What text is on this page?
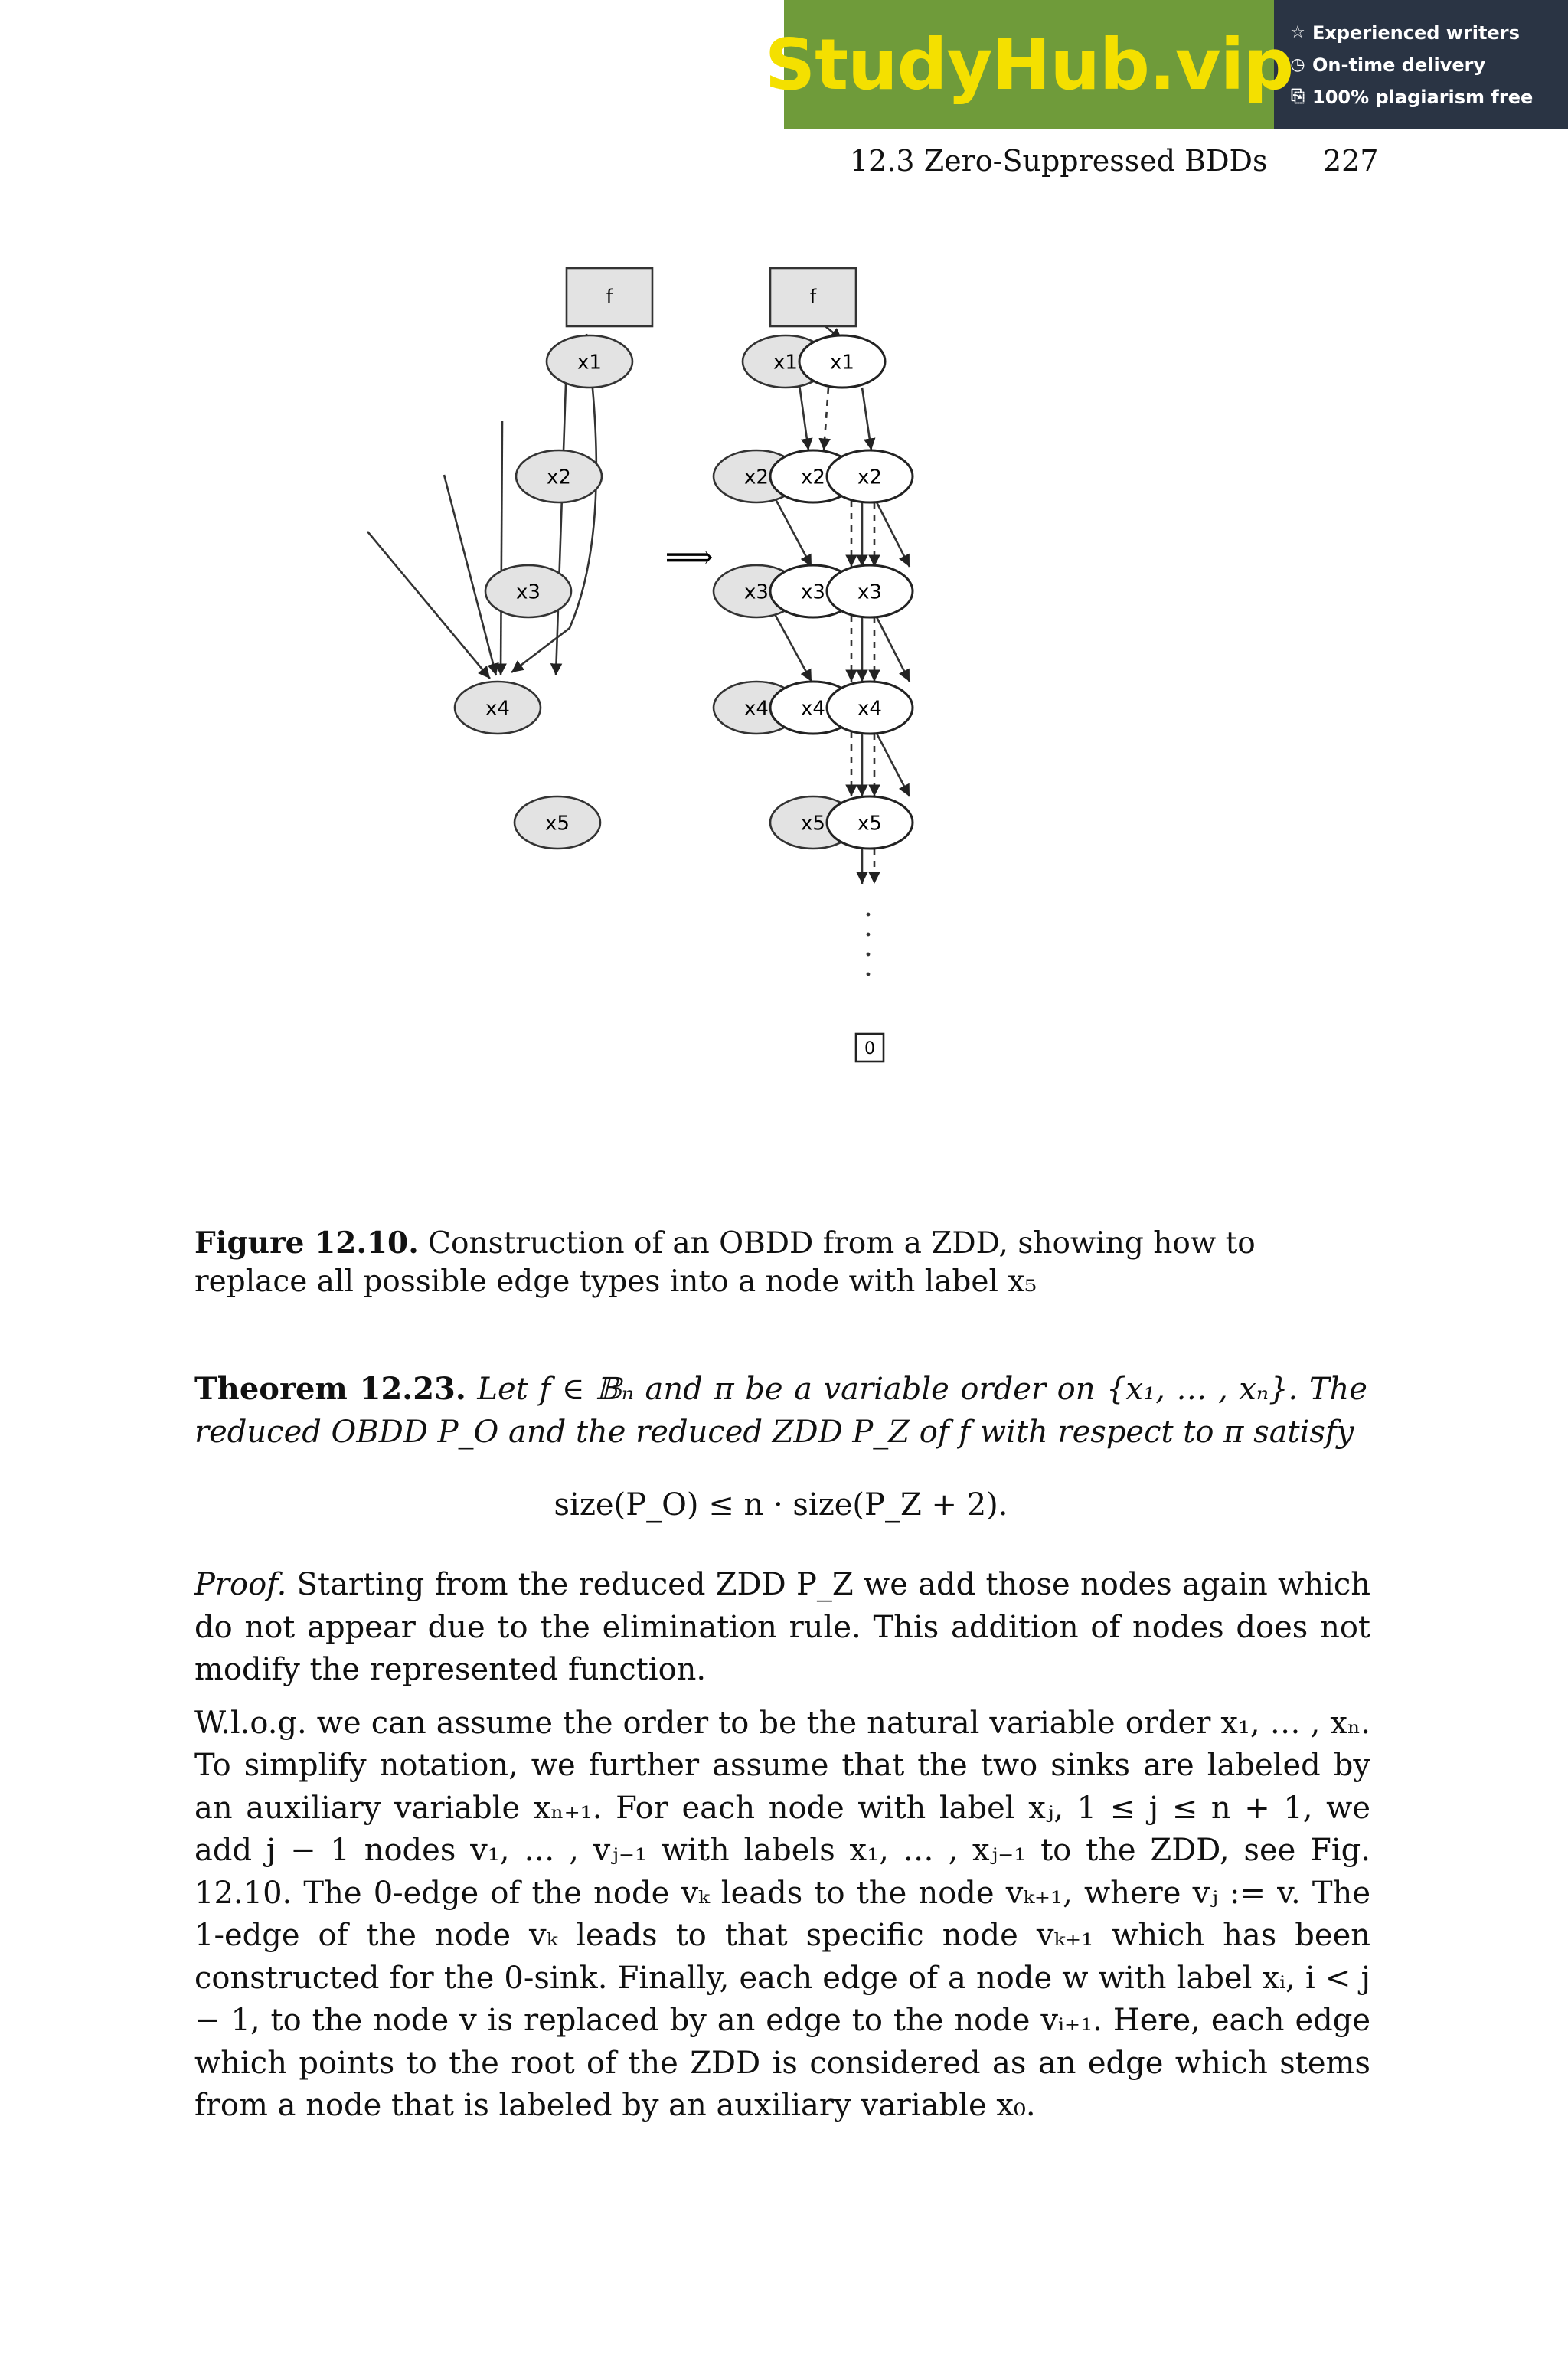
StudyHub.vip
☆ Experienced writers
◷ On-time delivery
⎘ 100% plagiarism free
12.3 Zero-Suppressed BDDs 227
f
x1
x2
x3
x4
x5
⟹
f
x1
x2
x3
x4
x5
x1
x2
x3
x4
x2
x3
x4
x5
0
Figure 12.10. Construction of an OBDD from a ZDD, showing how to replace all possible edge types into a node with label x₅
Theorem 12.23. Let f ∈ 𝔹ₙ and π be a variable order on {x₁, … , xₙ}. The reduced OBDD P_O and the reduced ZDD P_Z of f with respect to π satisfy
size(P_O) ≤ n · size(P_Z + 2).

Proof. Starting from the reduced ZDD P_Z we add those nodes again which do not appear due to the elimination rule. This addition of nodes does not modify the represented function.

W.l.o.g. we can assume the order to be the natural variable order x₁, … , xₙ. To simplify notation, we further assume that the two sinks are labeled by an auxiliary variable xₙ₊₁. For each node with label xⱼ, 1 ≤ j ≤ n + 1, we add j − 1 nodes v₁, … , vⱼ₋₁ with labels x₁, … , xⱼ₋₁ to the ZDD, see Fig. 12.10. The 0-edge of the node vₖ leads to the node vₖ₊₁, where vⱼ := v. The 1-edge of the node vₖ leads to that specific node vₖ₊₁ which has been constructed for the 0-sink. Finally, each edge of a node w with label xᵢ, i < j − 1, to the node v is replaced by an edge to the node vᵢ₊₁. Here, each edge which points to the root of the ZDD is considered as an edge which stems from a node that is labeled by an auxiliary variable x₀.
